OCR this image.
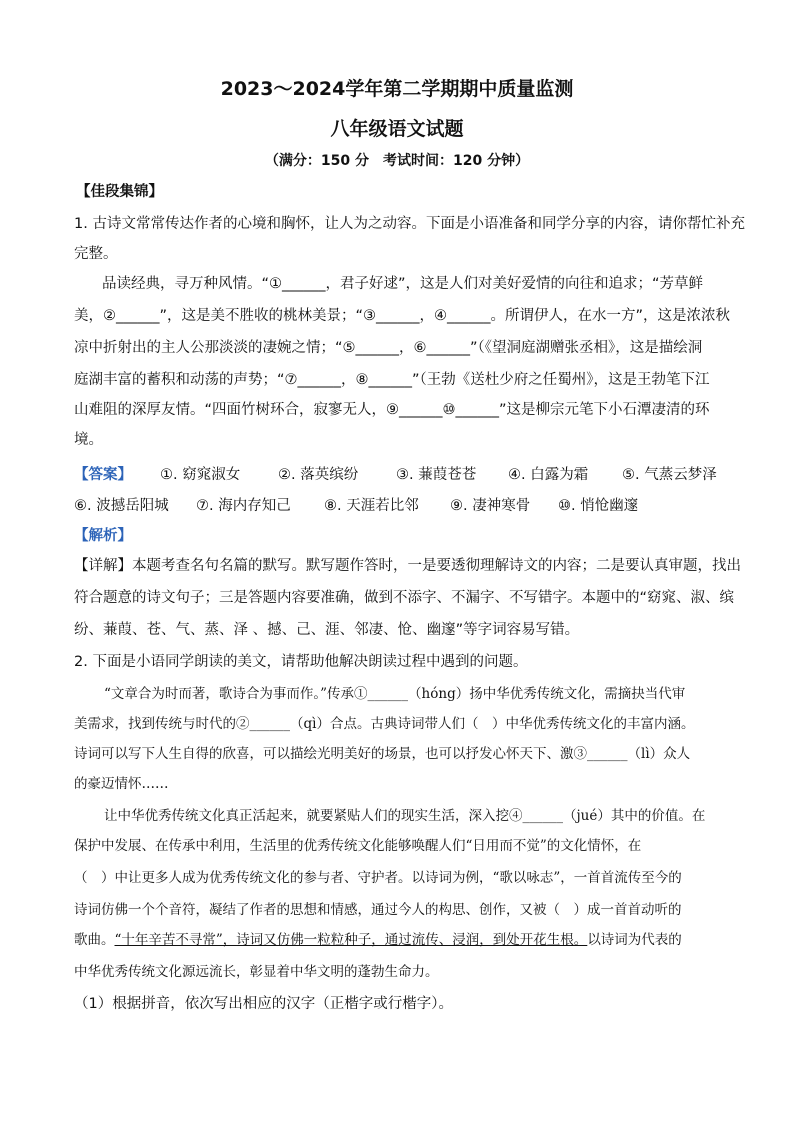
2023～2024学年第二学期期中质量监测
八年级语文试题
（满分：150 分　考试时间：120 分钟）
【佳段集锦】
1. 古诗文常常传达作者的心境和胸怀，让人为之动容。下面是小语准备和同学分享的内容，请你帮忙补充
完整。
品读经典，寻万种风情。“①______，君子好逑”，这是人们对美好爱情的向往和追求；“芳草鲜
美，②______”，这是美不胜收的桃林美景；“③______，④______。所谓伊人，在水一方”，这是浓浓秋
凉中折射出的主人公那淡淡的凄婉之情；“⑤______，⑥______”（《望洞庭湖赠张丞相》，这是描绘洞
庭湖丰富的蓄积和动荡的声势；“⑦______，⑧______”（王勃《送杜少府之任蜀州》，这是王勃笔下江
山难阻的深厚友情。“四面竹树环合，寂寥无人，⑨______⑩______”这是柳宗元笔下小石潭凄清的环
境。
【答案】 ①. 窈窕淑女	②. 落英缤纷	③. 蒹葭苍苍 ④. 白露为霜 ⑤. 气蒸云梦泽
⑥. 波撼岳阳城 ⑦. 海内存知己 ⑧. 天涯若比邻 ⑨. 凄神寒骨 ⑩. 悄怆幽邃
【解析】
【详解】本题考查名句名篇的默写。默写题作答时，一是要透彻理解诗文的内容；二是要认真审题，找出
符合题意的诗文句子；三是答题内容要准确，做到不添字、不漏字、不写错字。本题中的“窈窕、淑、缤
纷、蒹葭、苍、气、蒸、泽 、撼、己、涯、邻凄、怆、幽邃”等字词容易写错。
2. 下面是小语同学朗读的美文，请帮助他解决朗读过程中遇到的问题。
“文章合为时而著，歌诗合为事而作。”传承①______（hóng）扬中华优秀传统文化，需摘抉当代审
美需求，找到传统与时代的②______（qì）合点。古典诗词带人们（　）中华优秀传统文化的丰富内涵。
诗词可以写下人生自得的欣喜，可以描绘光明美好的场景，也可以抒发心怀天下、激③______（lì）众人
的豪迈情怀……
让中华优秀传统文化真正活起来，就要紧贴人们的现实生活，深入挖④______（jué）其中的价值。在
保护中发展、在传承中利用，生活里的优秀传统文化能够唤醒人们“日用而不觉”的文化情怀，在
（　）中让更多人成为优秀传统文化的参与者、守护者。以诗词为例，“歌以咏志”，一首首流传至今的
诗词仿佛一个个音符，凝结了作者的思想和情感，通过今人的构思、创作，又被（　）成一首首动听的
歌曲。“十年辛苦不寻常”，诗词又仿佛一粒粒种子，通过流传、浸润，到处开花生根。以诗词为代表的
中华优秀传统文化源远流长，彰显着中华文明的蓬勃生命力。
（1）根据拼音，依次写出相应的汉字（正楷字或行楷字）。
